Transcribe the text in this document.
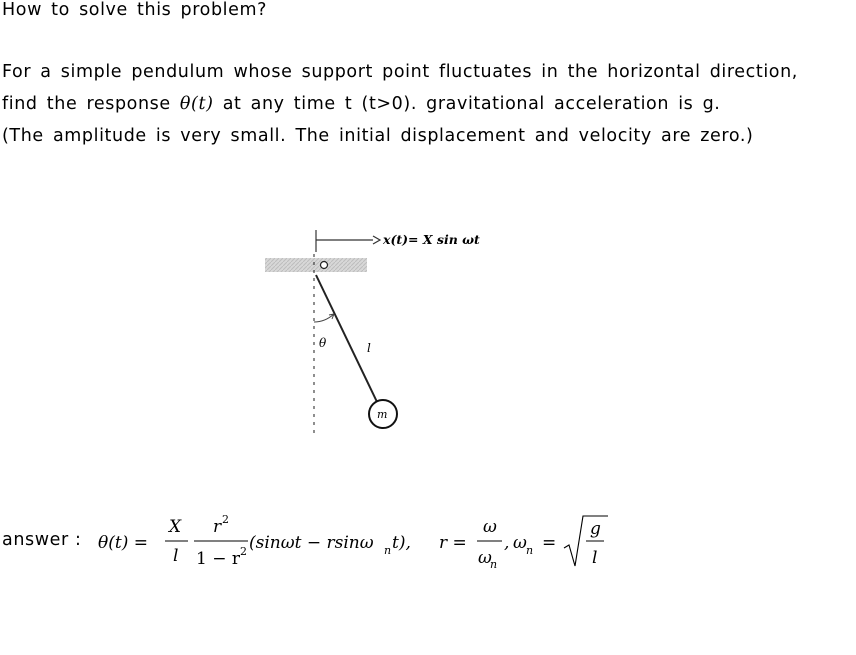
How to solve this problem?
For a simple pendulum whose support point fluctuates in the horizontal direction,
find the response θ(t) at any time t (t>0). gravitational acceleration is g.
(The amplitude is very small. The initial displacement and velocity are zero.)
x(t)= X sin ωt
θ	l
m
answer : θ(t) =
X
l
r 2
1 − r 2 (sinωt − rsinω n t), r =
ω
ω
n
, ω n =
g
l
